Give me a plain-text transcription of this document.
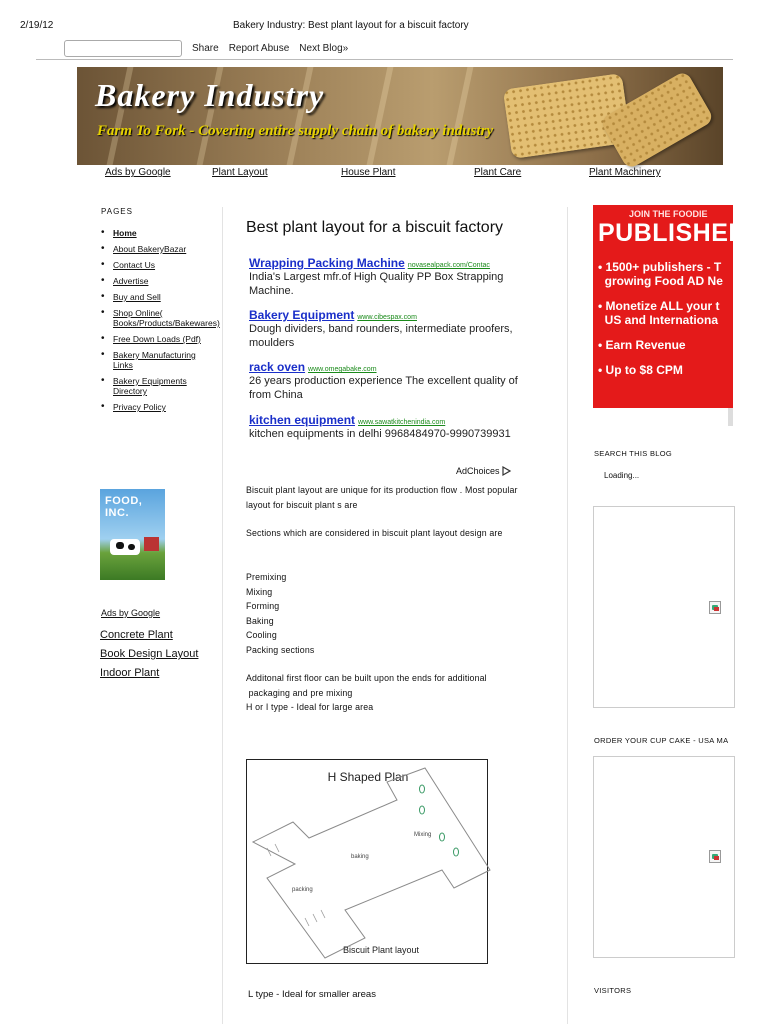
2/19/12	Bakery Industry: Best plant layout for a biscuit factory
Share Report Abuse Next Blog»
Bakery Industry
Farm To Fork - Covering entire supply chain of bakery industry
Ads by Google	Plant Layout	House Plant	Plant Care	Plant Machinery
PAGES
• Home
• About BakeryBazar
• Contact Us
• Advertise
• Buy and Sell
• Shop Online( Books/Products/Bakewares)
• Free Down Loads (Pdf)
• Bakery Manufacturing Links
• Bakery Equipments Directory
• Privacy Policy
FOOD, INC.
Ads by Google
Concrete Plant
Book Design Layout
Indoor Plant
Best plant layout for a biscuit factory
Wrapping Packing Machine novasealpack.com/Contac
India's Largest mfr.of High Quality PP Box Strapping Machine.
Bakery Equipment www.cibespax.com
Dough dividers, band rounders, intermediate proofers, moulders
rack oven www.omegabake.com
26 years production experience The excellent quality of from China
kitchen equipment www.sawatkitchenindia.com
kitchen equipments in delhi 9968484970-9990739931
AdChoices
Biscuit plant layout are unique for its production flow . Most popular layout for biscuit plant s are
Sections which are considered in biscuit plant layout design are
Premixing
Mixing
Forming
Baking
Cooling
Packing sections
Additonal first floor can be built upon the ends for additional
packaging and pre mixing
H or I type - Ideal for large area
H Shaped Plan
Mixing
baking
packing
Biscuit Plant layout
L type - Ideal for smaller areas
JOIN THE FOODIE
PUBLISHER P
• 1500+ publishers - T
growing Food AD Ne
• Monetize ALL your t
US and Internationa
• Earn Revenue
• Up to $8 CPM
SEARCH THIS BLOG
Loading...
ORDER YOUR CUP CAKE - USA MA
VISITORS
